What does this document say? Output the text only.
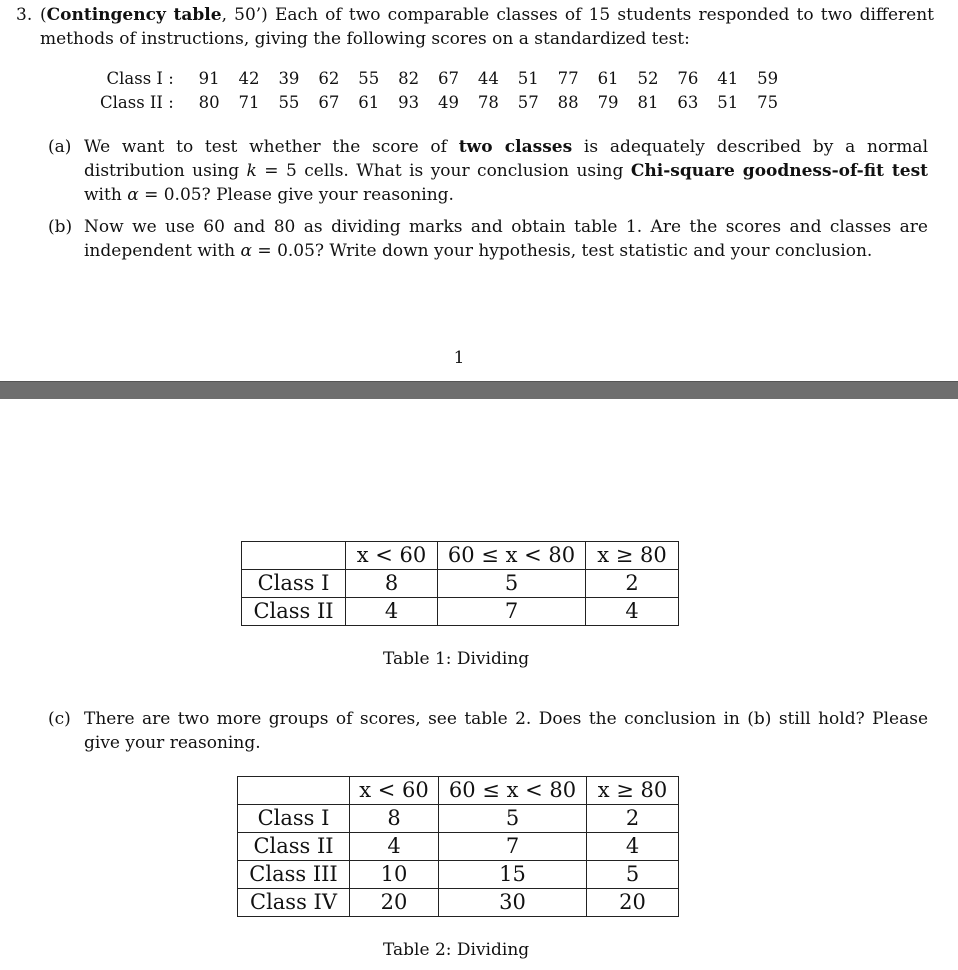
3. (Contingency table, 50’) Each of two comparable classes of 15 students responded to two different methods of instructions, giving the following scores on a standardized test:
Class I :	91	42	39	62	55	82	67	44	51	77	61	52	76	41	59
Class II :	80	71	55	67	61	93	49	78	57	88	79	81	63	51	75
(a) We want to test whether the score of two classes is adequately described by a normal distribution using k = 5 cells. What is your conclusion using Chi-square goodness-of-fit test with α = 0.05? Please give your reasoning.
(b) Now we use 60 and 80 as dividing marks and obtain table 1. Are the scores and classes are independent with α = 0.05? Write down your hypothesis, test statistic and your conclusion.
1
	x < 60	60 ≤ x < 80	x ≥ 80
Class I	8	5	2
Class II	4	7	4
Table 1: Dividing
(c) There are two more groups of scores, see table 2. Does the conclusion in (b) still hold? Please give your reasoning.
	x < 60	60 ≤ x < 80	x ≥ 80
Class I	8	5	2
Class II	4	7	4
Class III	10	15	5
Class IV	20	30	20
Table 2: Dividing
